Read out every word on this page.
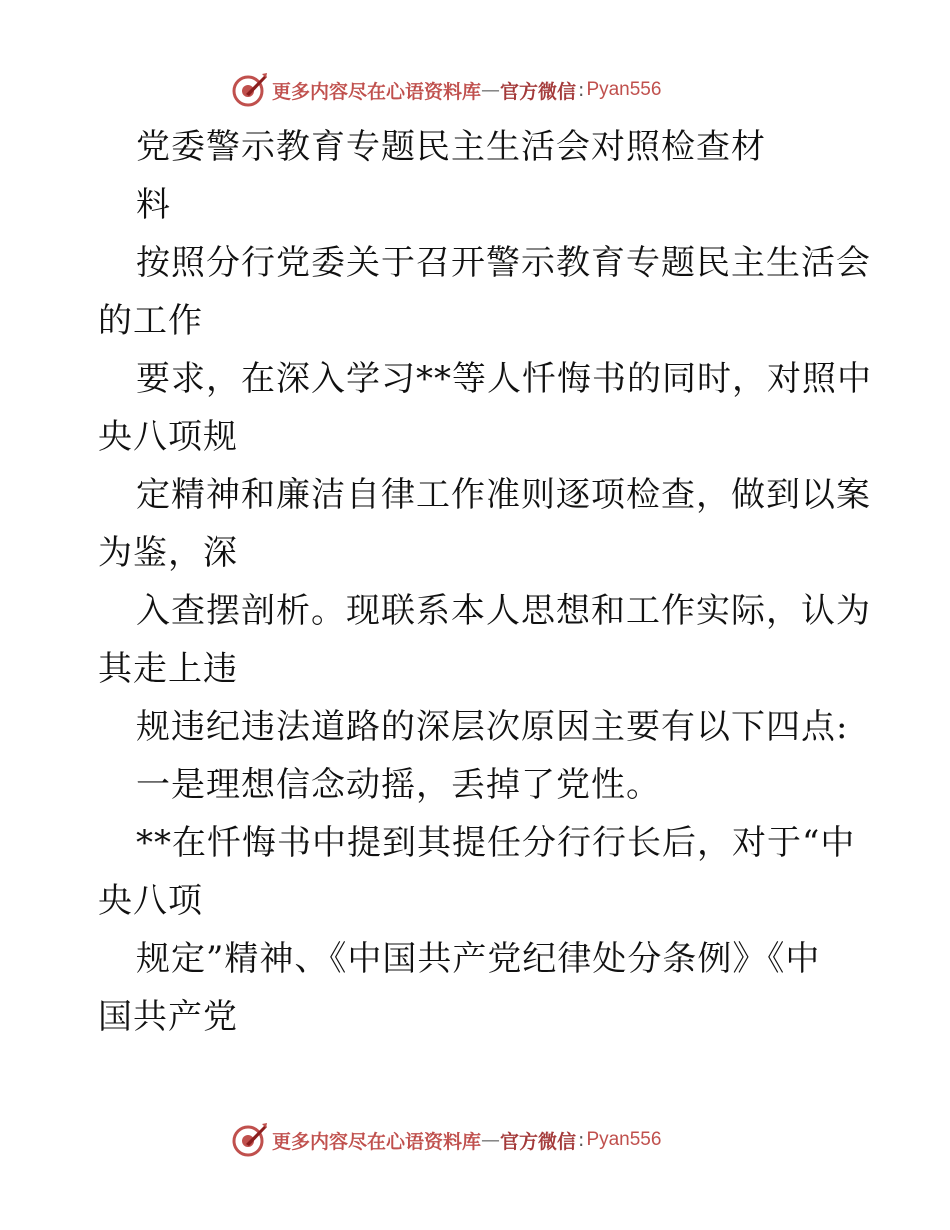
更多内容尽在心语资料库 — 官方微信 : Pyan556
党委警示教育专题民主生活会对照检查材
料
按照分行党委关于召开警示教育专题民主生活会
的工作
要求，在深入学习**等人忏悔书的同时，对照中
央八项规
定精神和廉洁自律工作准则逐项检查，做到以案
为鉴，深
入查摆剖析。现联系本人思想和工作实际，认为
其走上违
规违纪违法道路的深层次原因主要有以下四点:
一是理想信念动摇，丢掉了党性。
**在忏悔书中提到其提任分行行长后，对于“中
央八项
规定”精神、《中国共产党纪律处分条例》《中
国共产党
更多内容尽在心语资料库 — 官方微信 : Pyan556
